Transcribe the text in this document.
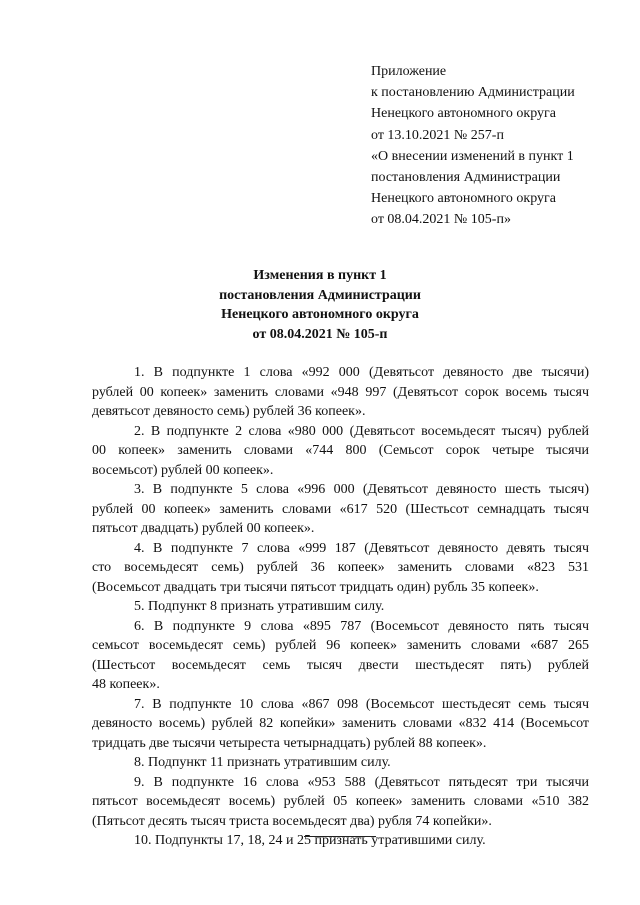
Приложение
к постановлению Администрации
Ненецкого автономного округа
от 13.10.2021 № 257-п
«О внесении изменений в пункт 1
постановления Администрации
Ненецкого автономного округа
от 08.04.2021 № 105-п»
Изменения в пункт 1
постановления Администрации
Ненецкого автономного округа
от 08.04.2021 № 105-п
1. В подпункте 1 слова «992 000 (Девятьсот девяносто две тысячи)
рублей 00 копеек» заменить словами «948 997 (Девятьсот сорок восемь тысяч
девятьсот девяносто семь) рублей 36 копеек».
2. В подпункте 2 слова «980 000 (Девятьсот восемьдесят тысяч) рублей
00 копеек» заменить словами «744 800 (Семьсот сорок четыре тысячи
восемьсот) рублей 00 копеек».
3. В подпункте 5 слова «996 000 (Девятьсот девяносто шесть тысяч)
рублей 00 копеек» заменить словами «617 520 (Шестьсот семнадцать тысяч
пятьсот двадцать) рублей 00 копеек».
4. В подпункте 7 слова «999 187 (Девятьсот девяносто девять тысяч
сто восемьдесят семь) рублей 36 копеек» заменить словами «823 531
(Восемьсот двадцать три тысячи пятьсот тридцать один) рубль 35 копеек».
5. Подпункт 8 признать утратившим силу.
6. В подпункте 9 слова «895 787 (Восемьсот девяносто пять тысяч
семьсот восемьдесят семь) рублей 96 копеек» заменить словами «687 265
(Шестьсот восемьдесят семь тысяч двести шестьдесят пять) рублей
48 копеек».
7. В подпункте 10 слова «867 098 (Восемьсот шестьдесят семь тысяч
девяносто восемь) рублей 82 копейки» заменить словами «832 414 (Восемьсот
тридцать две тысячи четыреста четырнадцать) рублей 88 копеек».
8. Подпункт 11 признать утратившим силу.
9. В подпункте 16 слова «953 588 (Девятьсот пятьдесят три тысячи
пятьсот восемьдесят восемь) рублей 05 копеек» заменить словами «510 382
(Пятьсот десять тысяч триста восемьдесят два) рубля 74 копейки».
10. Подпункты 17, 18, 24 и 25 признать утратившими силу.
